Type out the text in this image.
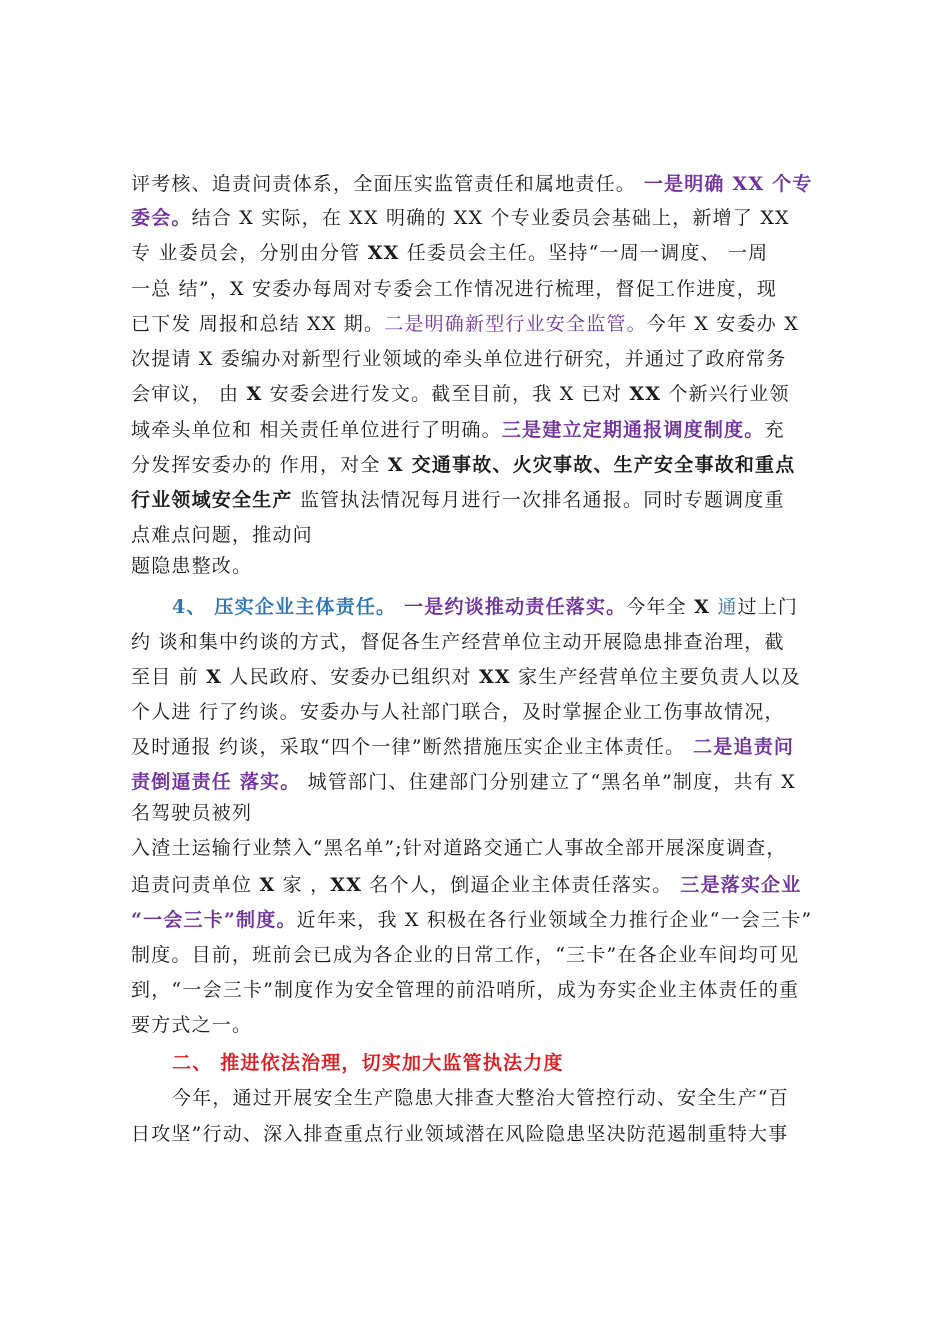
评考核、追责问责体系，全面压实监管责任和属地责任。 一是明确 XX 个专
委会。结合 X 实际，在 XX 明确的 XX 个专业委员会基础上，新增了 XX
专 业委员会，分别由分管 XX 任委员会主任。坚持“一周一调度、 一周
一总 结”，X 安委办每周对专委会工作情况进行梳理，督促工作进度，现
已下发 周报和总结 XX 期。二是明确新型行业安全监管。今年 X 安委办 X
次提请 X 委编办对新型行业领域的牵头单位进行研究，并通过了政府常务
会审议， 由 X 安委会进行发文。截至目前，我 X 已对 XX 个新兴行业领
域牵头单位和 相关责任单位进行了明确。三是建立定期通报调度制度。充
分发挥安委办的 作用，对全 X 交通事故、火灾事故、生产安全事故和重点
行业领域安全生产 监管执法情况每月进行一次排名通报。同时专题调度重
点难点问题，推动问
题隐患整改。
4、 压实企业主体责任。 一是约谈推动责任落实。今年全 X 通过上门
约 谈和集中约谈的方式，督促各生产经营单位主动开展隐患排查治理，截
至目 前 X 人民政府、安委办已组织对 XX 家生产经营单位主要负责人以及
个人进 行了约谈。安委办与人社部门联合，及时掌握企业工伤事故情况，
及时通报 约谈，采取“四个一律”断然措施压实企业主体责任。 二是追责问
责倒逼责任 落实。 城管部门、住建部门分别建立了“黑名单”制度，共有 X
名驾驶员被列
入渣土运输行业禁入“黑名单”;针对道路交通亡人事故全部开展深度调查，
追责问责单位 X 家 ，XX 名个人，倒逼企业主体责任落实。 三是落实企业
“一会三卡”制度。近年来，我 X 积极在各行业领域全力推行企业“一会三卡”
制度。目前，班前会已成为各企业的日常工作，“三卡”在各企业车间均可见
到，“一会三卡”制度作为安全管理的前沿哨所，成为夯实企业主体责任的重
要方式之一。
二、 推进依法治理，切实加大监管执法力度
今年，通过开展安全生产隐患大排查大整治大管控行动、安全生产“百
日攻坚”行动、深入排查重点行业领域潜在风险隐患坚决防范遏制重特大事
